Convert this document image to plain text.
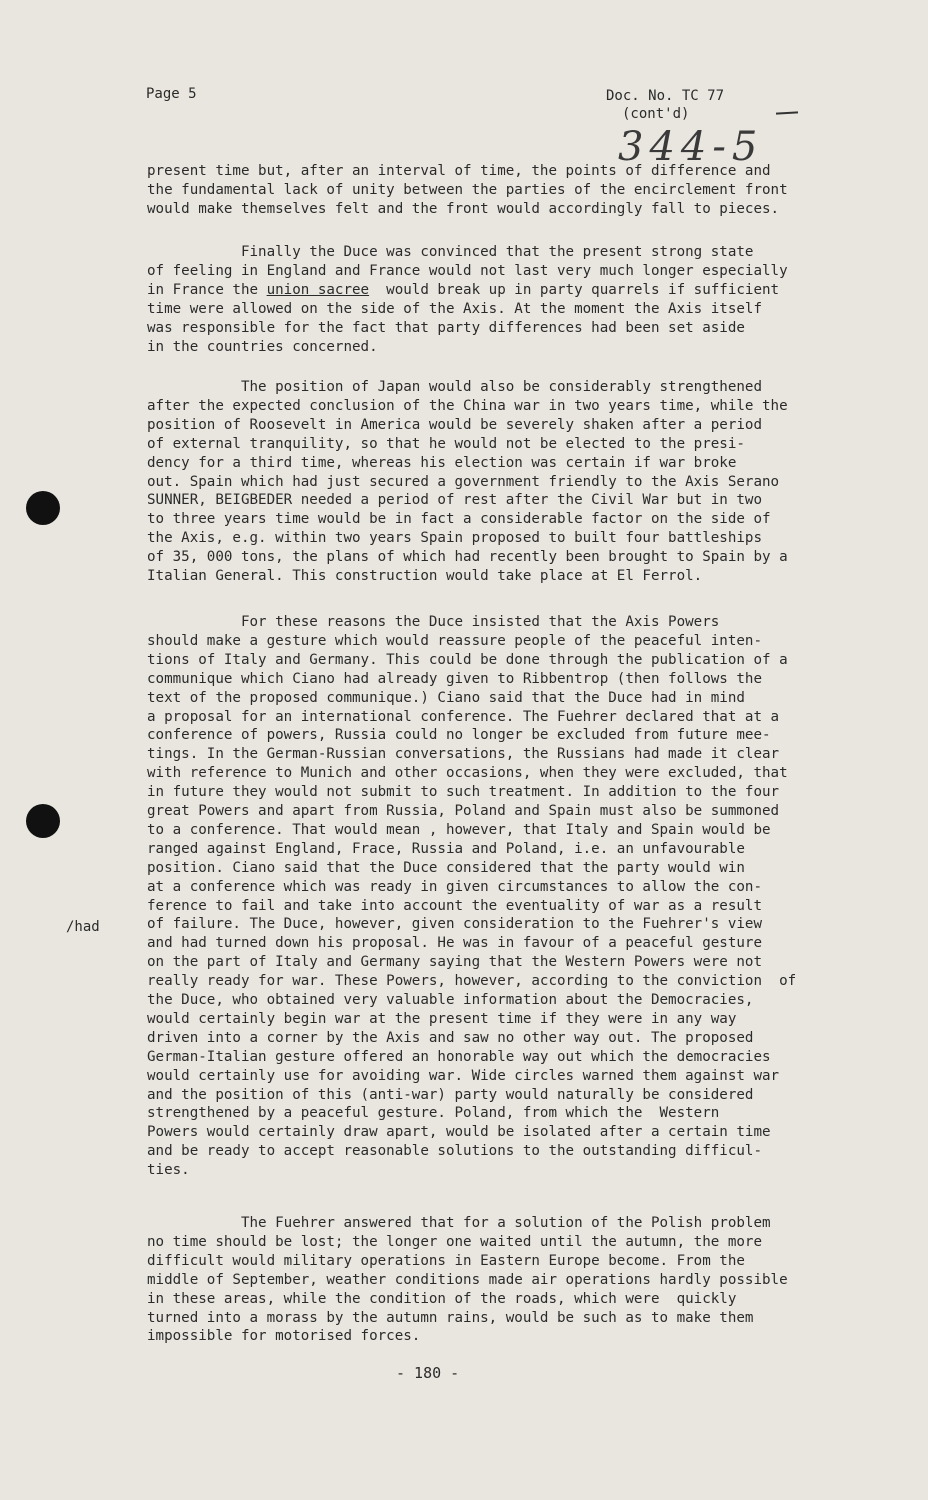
Page 5	Doc. No. TC 77
(cont'd)
344-5
/had
present time but, after an interval of time, the points of difference and
the fundamental lack of unity between the parties of the encirclement front
would make themselves felt and the front would accordingly fall to pieces.
Finally the Duce was convinced that the present strong state
of feeling in England and France would not last very much longer especially
in France the union sacree  would break up in party quarrels if sufficient
time were allowed on the side of the Axis. At the moment the Axis itself
was responsible for the fact that party differences had been set aside
in the countries concerned.
The position of Japan would also be considerably strengthened
after the expected conclusion of the China war in two years time, while the
position of Roosevelt in America would be severely shaken after a period
of external tranquility, so that he would not be elected to the presi-
dency for a third time, whereas his election was certain if war broke
out. Spain which had just secured a government friendly to the Axis Serano
SUNNER, BEIGBEDER needed a period of rest after the Civil War but in two
to three years time would be in fact a considerable factor on the side of
the Axis, e.g. within two years Spain proposed to built four battleships
of 35, 000 tons, the plans of which had recently been brought to Spain by a
Italian General. This construction would take place at El Ferrol.
For these reasons the Duce insisted that the Axis Powers
should make a gesture which would reassure people of the peaceful inten-
tions of Italy and Germany. This could be done through the publication of a
communique which Ciano had already given to Ribbentrop (then follows the
text of the proposed communique.) Ciano said that the Duce had in mind
a proposal for an international conference. The Fuehrer declared that at a
conference of powers, Russia could no longer be excluded from future mee-
tings. In the German-Russian conversations, the Russians had made it clear
with reference to Munich and other occasions, when they were excluded, that
in future they would not submit to such treatment. In addition to the four
great Powers and apart from Russia, Poland and Spain must also be summoned
to a conference. That would mean , however, that Italy and Spain would be
ranged against England, Frace, Russia and Poland, i.e. an unfavourable
position. Ciano said that the Duce considered that the party would win
at a conference which was ready in given circumstances to allow the con-
ference to fail and take into account the eventuality of war as a result
of failure. The Duce, however, given consideration to the Fuehrer's view
and had turned down his proposal. He was in favour of a peaceful gesture
on the part of Italy and Germany saying that the Western Powers were not
really ready for war. These Powers, however, according to the conviction  of
the Duce, who obtained very valuable information about the Democracies,
would certainly begin war at the present time if they were in any way
driven into a corner by the Axis and saw no other way out. The proposed
German-Italian gesture offered an honorable way out which the democracies
would certainly use for avoiding war. Wide circles warned them against war
and the position of this (anti-war) party would naturally be considered
strengthened by a peaceful gesture. Poland, from which the  Western
Powers would certainly draw apart, would be isolated after a certain time
and be ready to accept reasonable solutions to the outstanding difficul-
ties.
The Fuehrer answered that for a solution of the Polish problem
no time should be lost; the longer one waited until the autumn, the more
difficult would military operations in Eastern Europe become. From the
middle of September, weather conditions made air operations hardly possible
in these areas, while the condition of the roads, which were  quickly
turned into a morass by the autumn rains, would be such as to make them
impossible for motorised forces.
- 180 -
